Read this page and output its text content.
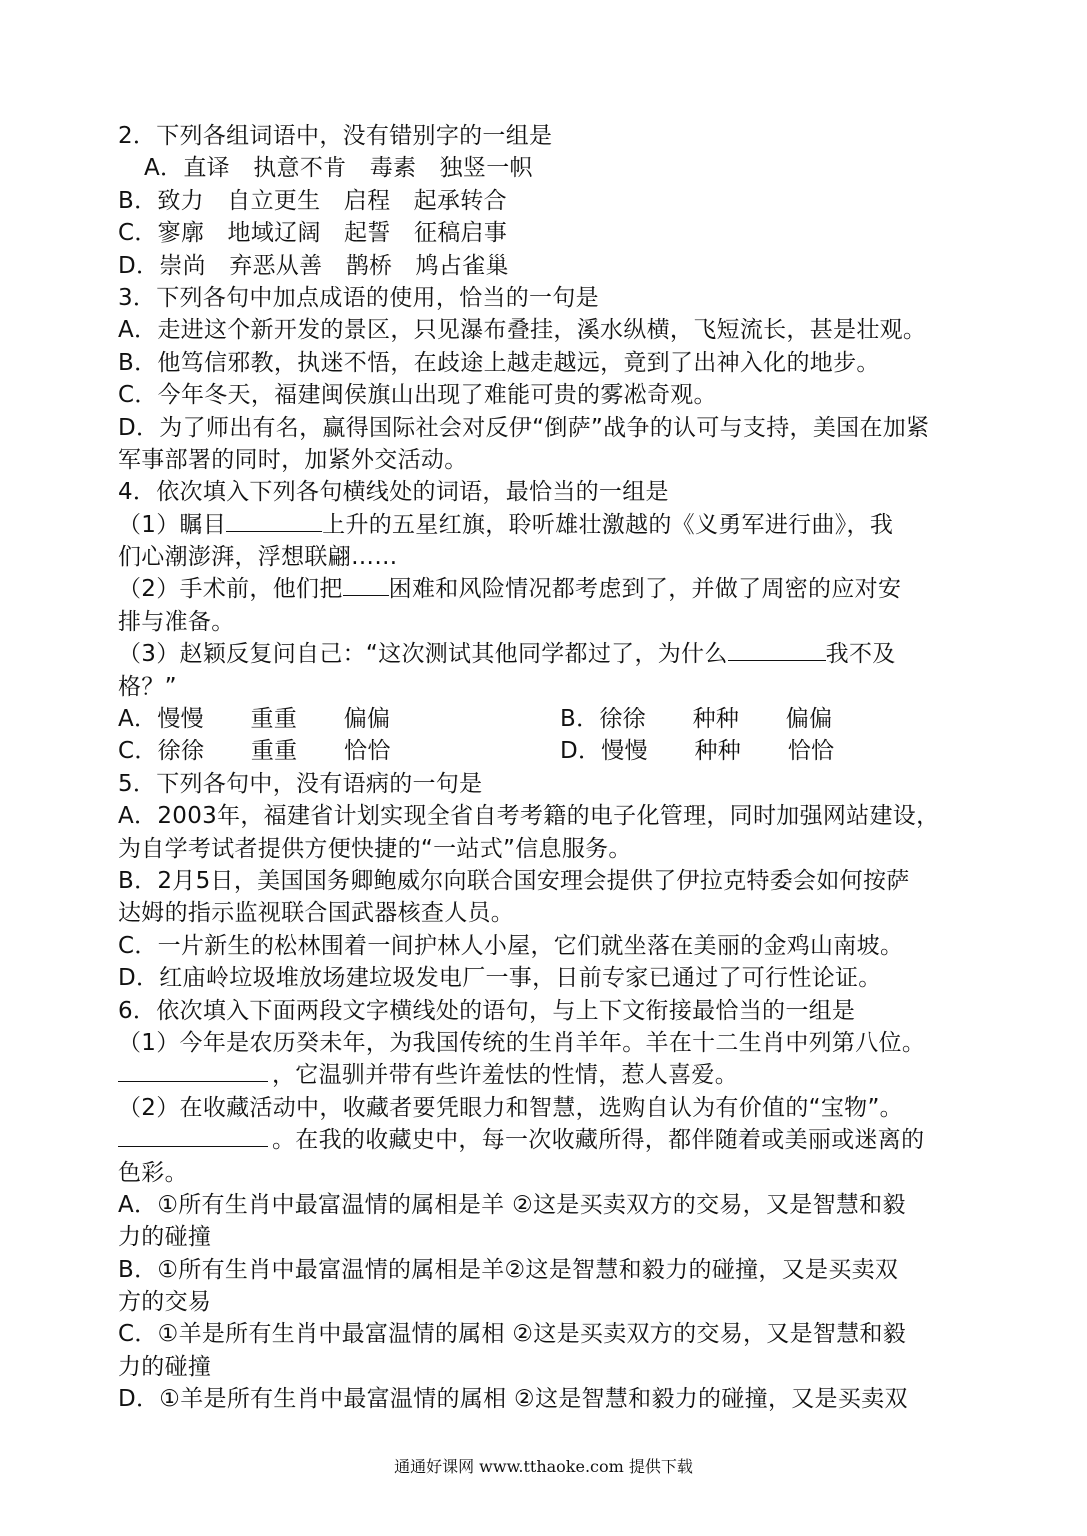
2．下列各组词语中，没有错别字的一组是
A．直译　执意不肯　毒素　独竖一帜
B．致力　自立更生　启程　起承转合
C．寥廓　地域辽阔　起誓　征稿启事
D．崇尚　弃恶从善　鹊桥　鸠占雀巢
3．下列各句中加点成语的使用，恰当的一句是
A．走进这个新开发的景区，只见瀑布叠挂，溪水纵横，飞短流长，甚是壮观。
B．他笃信邪教，执迷不悟，在歧途上越走越远，竟到了出神入化的地步。
C．今年冬天，福建闽侯旗山出现了难能可贵的雾凇奇观。
D．为了师出有名，赢得国际社会对反伊“倒萨”战争的认可与支持，美国在加紧
军事部署的同时，加紧外交活动。
4．依次填入下列各句横线处的词语，最恰当的一组是
（1）瞩目	上升的五星红旗，聆听雄壮激越的《义勇军进行曲》，我
们心潮澎湃，浮想联翩……
（2）手术前，他们把 困难和风险情况都考虑到了，并做了周密的应对安
排与准备。
（3）赵颖反复问自己：“这次测试其他同学都过了，为什么	我不及
格？”
A．慢慢　　重重　　偏偏	B．徐徐　　种种　　偏偏
C．徐徐　　重重　　恰恰	D．慢慢　　种种　　恰恰
5．下列各句中，没有语病的一句是
A．2003年，福建省计划实现全省自考考籍的电子化管理，同时加强网站建设，
为自学考试者提供方便快捷的“一站式”信息服务。
B．2月5日，美国国务卿鲍威尔向联合国安理会提供了伊拉克特委会如何按萨
达姆的指示监视联合国武器核查人员。
C．一片新生的松林围着一间护林人小屋，它们就坐落在美丽的金鸡山南坡。
D．红庙岭垃圾堆放场建垃圾发电厂一事，日前专家已通过了可行性论证。
6．依次填入下面两段文字横线处的语句，与上下文衔接最恰当的一组是
（1）今年是农历癸未年，为我国传统的生肖羊年。羊在十二生肖中列第八位。
，它温驯并带有些许羞怯的性情，惹人喜爱。
（2）在收藏活动中，收藏者要凭眼力和智慧，选购自认为有价值的“宝物”。
。在我的收藏史中，每一次收藏所得，都伴随着或美丽或迷离的
色彩。
A．①所有生肖中最富温情的属相是羊 ②这是买卖双方的交易，又是智慧和毅
力的碰撞
B．①所有生肖中最富温情的属相是羊②这是智慧和毅力的碰撞，又是买卖双
方的交易
C．①羊是所有生肖中最富温情的属相 ②这是买卖双方的交易，又是智慧和毅
力的碰撞
D．①羊是所有生肖中最富温情的属相 ②这是智慧和毅力的碰撞，又是买卖双
通通好课网 www.tthaoke.com 提供下载
